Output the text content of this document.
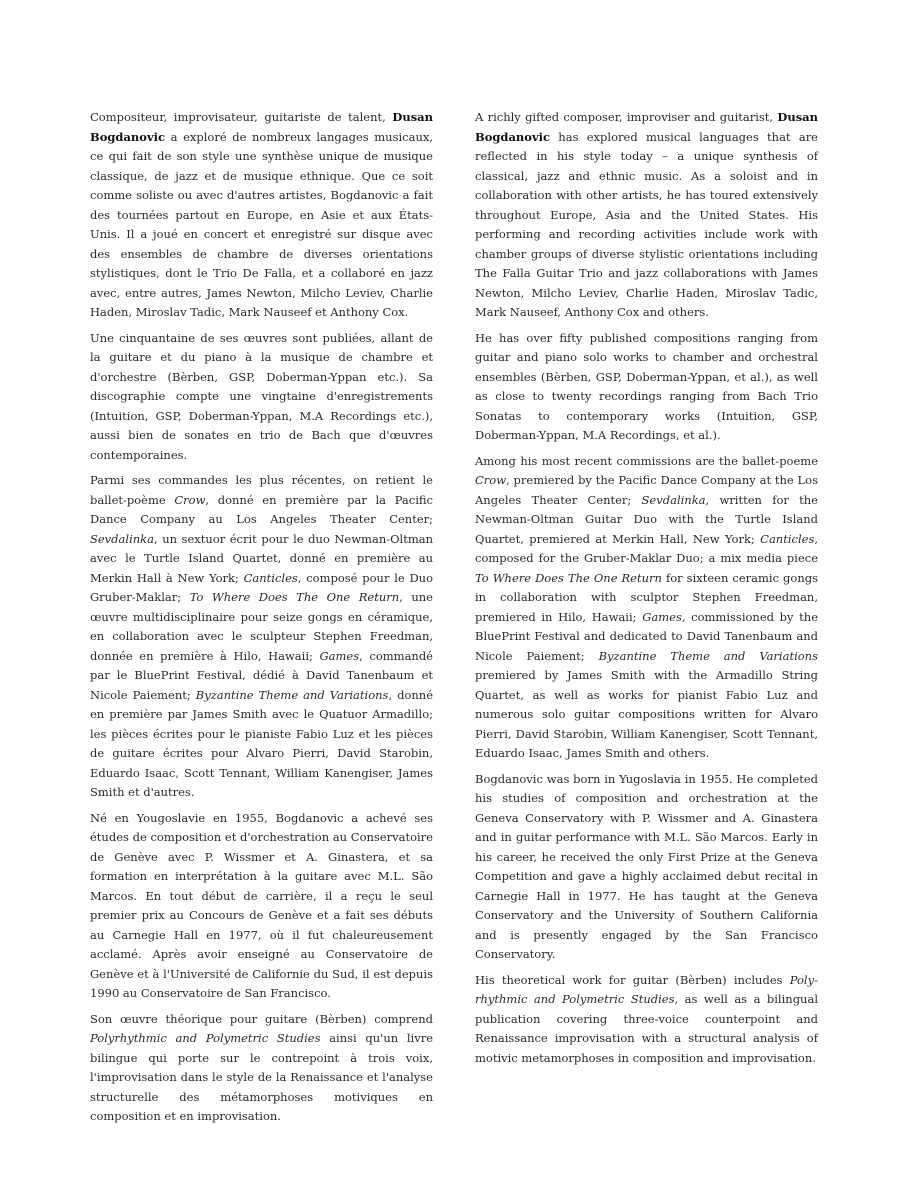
Compositeur, improvisateur, guitariste de talent, Dusan Bogdanovic a exploré de nombreux langages musicaux, ce qui fait de son style une synthèse unique de musique classique, de jazz et de musique ethnique. Que ce soit comme soliste ou avec d'autres artistes, Bogdanovic a fait des tournées partout en Europe, en Asie et aux États-Unis. Il a joué en concert et enregistré sur disque avec des ensembles de chambre de diverses orientations stylistiques, dont le Trio De Falla, et a collaboré en jazz avec, entre autres, James Newton, Milcho Leviev, Charlie Haden, Miroslav Tadic, Mark Nauseef et Anthony Cox.

Une cinquantaine de ses œuvres sont publiées, allant de la guitare et du piano à la musique de chambre et d'orchestre (Bèrben, GSP, Doberman-Yppan etc.). Sa discographie compte une vingtaine d'enregistrements (Intuition, GSP, Doberman-Yppan, M.A Recordings etc.), aussi bien de sonates en trio de Bach que d'œuvres contemporaines.

Parmi ses commandes les plus récentes, on retient le ballet-poème Crow, donné en première par la Pacific Dance Company au Los Angeles Theater Center; Sevdalinka, un sextuor écrit pour le duo Newman-Oltman avec le Turtle Island Quartet, donné en première au Merkin Hall à New York; Canticles, composé pour le Duo Gruber-Maklar; To Where Does The One Return, une œuvre multidisciplinaire pour seize gongs en céramique, en collaboration avec le sculpteur Stephen Freedman, donnée en première à Hilo, Hawaii; Games, commandé par le BluePrint Festival, dédié à David Tanenbaum et Nicole Paiement; Byzantine Theme and Variations, donné en première par James Smith avec le Quatuor Armadillo; les pièces écrites pour le pianiste Fabio Luz et les pièces de guitare écrites pour Alvaro Pierri, David Starobin, Eduardo Isaac, Scott Tennant, William Kanengiser, James Smith et d'autres.

Né en Yougoslavie en 1955, Bogdanovic a achevé ses études de composition et d'orchestration au Conservatoire de Genève avec P. Wissmer et A. Ginastera, et sa formation en interprétation à la guitare avec M.L. São Marcos. En tout début de carrière, il a reçu le seul premier prix au Concours de Genève et a fait ses débuts au Carnegie Hall en 1977, où il fut chaleureusement acclamé. Après avoir enseigné au Conservatoire de Genève et à l'Université de Californie du Sud, il est depuis 1990 au Conservatoire de San Francisco.

Son œuvre théorique pour guitare (Bèrben) comprend Polyrhythmic and Polymetric Studies ainsi qu'un livre bilingue qui porte sur le contrepoint à trois voix, l'improvisation dans le style de la Renaissance et l'analyse structurelle des métamorphoses motiviques en composition et en improvisation.

A richly gifted composer, improviser and guitarist, Dusan Bogdanovic has explored musical languages that are reflected in his style today – a unique synthesis of classical, jazz and ethnic music. As a soloist and in collaboration with other artists, he has toured extensively throughout Europe, Asia and the United States. His performing and recording activities include work with chamber groups of diverse stylistic orientations including The Falla Guitar Trio and jazz collaborations with James Newton, Milcho Leviev, Charlie Haden, Miroslav Tadic, Mark Nauseef, Anthony Cox and others.

He has over fifty published compositions ranging from guitar and piano solo works to chamber and orchestral ensembles (Bèrben, GSP, Doberman-Yppan, et al.), as well as close to twenty recordings ranging from Bach Trio Sonatas to contemporary works (Intuition, GSP, Doberman-Yppan, M.A Recordings, et al.).

Among his most recent commissions are the ballet-poeme Crow, premiered by the Pacific Dance Company at the Los Angeles Theater Center; Sevdalinka, written for the Newman-Oltman Guitar Duo with the Turtle Island Quartet, premiered at Merkin Hall, New York; Canticles, composed for the Gruber-Maklar Duo; a mix media piece To Where Does The One Return for sixteen ceramic gongs in collaboration with sculptor Stephen Freedman, premiered in Hilo, Hawaii; Games, commissioned by the BluePrint Festival and dedicated to David Tanenbaum and Nicole Paiement; Byzantine Theme and Variations premiered by James Smith with the Armadillo String Quartet, as well as works for pianist Fabio Luz and numerous solo guitar compositions written for Alvaro Pierri, David Starobin, William Kanengiser, Scott Tennant, Eduardo Isaac, James Smith and others.

Bogdanovic was born in Yugoslavia in 1955. He completed his studies of composition and orchestration at the Geneva Conservatory with P. Wissmer and A. Ginastera and in guitar performance with M.L. São Marcos. Early in his career, he received the only First Prize at the Geneva Competition and gave a highly acclaimed debut recital in Carnegie Hall in 1977. He has taught at the Geneva Conservatory and the University of Southern California and is presently engaged by the San Francisco Conservatory.

His theoretical work for guitar (Bèrben) includes Poly-rhythmic and Polymetric Studies, as well as a bilingual publication covering three-voice counterpoint and Renaissance improvisation with a structural analysis of motivic metamorphoses in composition and improvisation.
